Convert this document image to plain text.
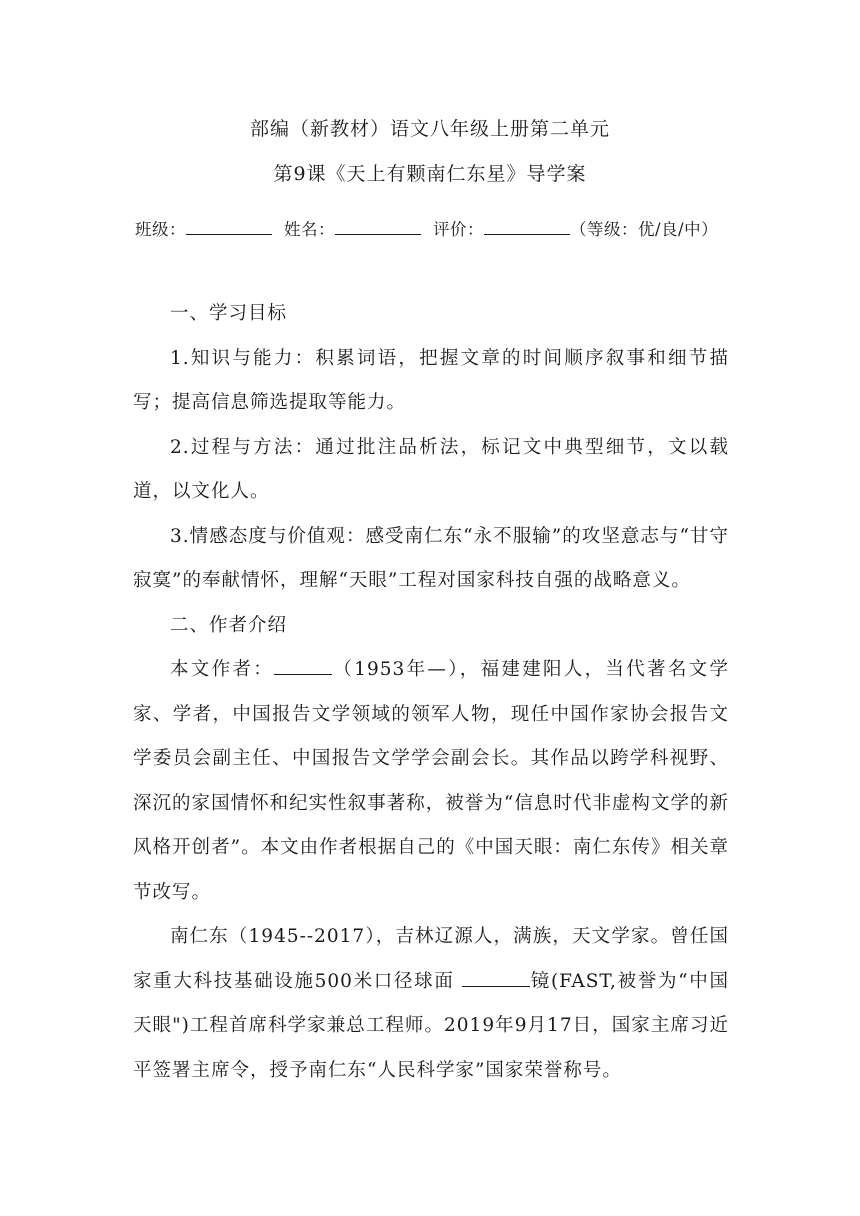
部编（新教材）语文八年级上册第二单元
第9课《天上有颗南仁东星》导学案
班级：	姓名：	评价：	（等级：优/良/中）

一、学习目标

1.知识与能力：积累词语，把握文章的时间顺序叙事和细节描写；提高信息筛选提取等能力。

2.过程与方法：通过批注品析法，标记文中典型细节，文以载道，以文化人。

3.情感态度与价值观：感受南仁东“永不服输”的攻坚意志与“甘守寂寞”的奉献情怀，理解“天眼”工程对国家科技自强的战略意义。

二、作者介绍

本文作者：	（1953年—），福建建阳人，当代著名文学家、学者，中国报告文学领域的领军人物，现任中国作家协会报告文学委员会副主任、中国报告文学学会副会长。其作品以跨学科视野、深沉的家国情怀和纪实性叙事著称，被誉为“信息时代非虚构文学的新风格开创者”。本文由作者根据自己的《中国天眼：南仁东传》相关章节改写。

南仁东（1945--2017），吉林辽源人，满族，天文学家。曾任国家重大科技基础设施500米口径球面	镜(FAST,被誉为“中国天眼")工程首席科学家兼总工程师。2019年9月17日，国家主席习近平签署主席令，授予南仁东“人民科学家”国家荣誉称号。
